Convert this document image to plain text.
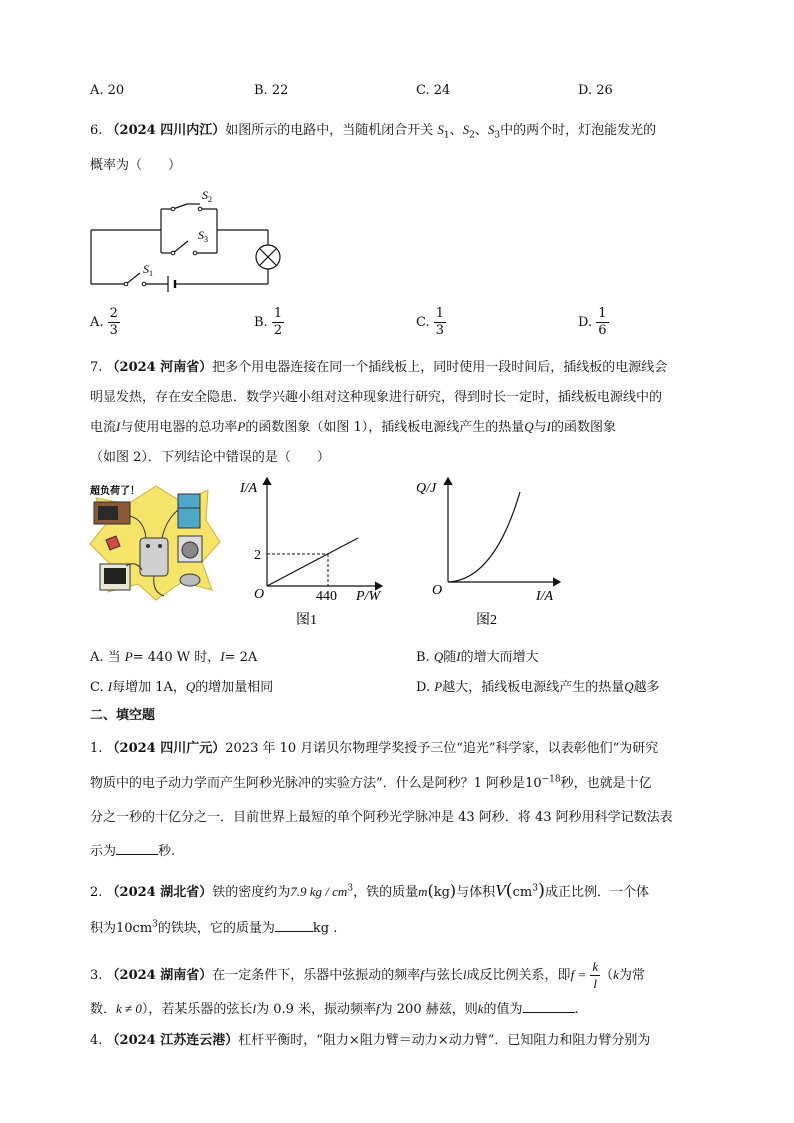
A. 20	B. 22	C. 24	D. 26
6. （2024 四川内江）如图所示的电路中，当随机闭合开关 $S_1$、$S_2$、$S_3$中的两个时，灯泡能发光的
概率为（　　）
$S_2$
$S_3$
$S_1$
A. $\frac{2}{3}$	B. $\frac{1}{2}$	C. $\frac{1}{3}$	D. $\frac{1}{6}$
7. （2024 河南省）把多个用电器连接在同一个插线板上，同时使用一段时间后，插线板的电源线会
明显发热，存在安全隐患．数学兴趣小组对这种现象进行研究，得到时长一定时，插线板电源线中的
电流I与使用电器的总功率P的函数图象（如图 1），插线板电源线产生的热量Q与I的函数图象
（如图 2）．下列结论中错误的是（　　）
超负荷了！	I/A
P/W
O
2
440
图1
Q/J
I/A
O
图2
A. 当 P= 440 W 时，I= 2A	B. Q随I的增大而增大
C. I每增加 1A，Q的增加量相同	D. P越大，插线板电源线产生的热量Q越多
二、填空题
1. （2024 四川广元）2023 年 10 月诺贝尔物理学奖授予三位“追光”科学家，以表彰他们“为研究
物质中的电子动力学而产生阿秒光脉冲的实验方法”．什么是阿秒？1 阿秒是$10^{-18}$秒，也就是十亿
分之一秒的十亿分之一．目前世界上最短的单个阿秒光学脉冲是 43 阿秒．将 43 阿秒用科学记数法表
示为	秒.
2. （2024 湖北省）铁的密度约为7.9 kg / $cm^3$，铁的质量m(kg)与体积$V(cm^3)$成正比例．一个体
积为$10cm^3$的铁块，它的质量为	kg .
3. （2024 湖南省）在一定条件下，乐器中弦振动的频率f与弦长l成反比例关系，即$f = \frac{k}{l} (k$为常
数．k ≠ 0），若某乐器的弦长l为 0.9 米，振动频率f为 200 赫兹，则k的值为	.
4. （2024 江苏连云港）杠杆平衡时，“阻力×阻力臂＝动力×动力臂”．已知阻力和阻力臂分别为
